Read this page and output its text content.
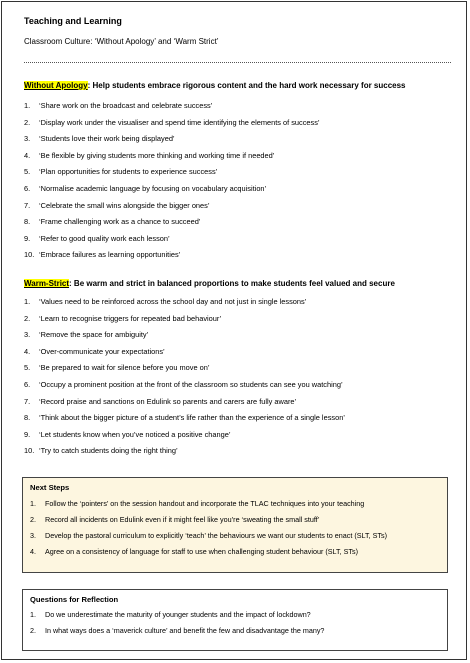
Teaching and Learning
Classroom Culture: ‘Without Apology’ and ‘Warm Strict’
Without Apology: Help students embrace rigorous content and the hard work necessary for success
1. ‘Share work on the broadcast and celebrate success’
2. ‘Display work under the visualiser and spend time identifying the elements of success’
3. ‘Students love their work being displayed’
4. ‘Be flexible by giving students more thinking and working time if needed’
5. ‘Plan opportunities for students to experience success’
6. ‘Normalise academic language by focusing on vocabulary acquisition’
7. ‘Celebrate the small wins alongside the bigger ones’
8. ‘Frame challenging work as a chance to succeed’
9. ‘Refer to good quality work each lesson’
10. ‘Embrace failures as learning opportunities’
Warm-Strict: Be warm and strict in balanced proportions to make students feel valued and secure
1. ‘Values need to be reinforced across the school day and not just in single lessons’
2. ‘Learn to recognise triggers for repeated bad behaviour’
3. ‘Remove the space for ambiguity’
4. ‘Over-communicate your expectations’
5. ‘Be prepared to wait for silence before you move on’
6. ‘Occupy a prominent position at the front of the classroom so students can see you watching’
7. ‘Record praise and sanctions on Edulink so parents and carers are fully aware’
8. ‘Think about the bigger picture of a student’s life rather than the experience of a single lesson’
9. ‘Let students know when you’ve noticed a positive change’
10. ‘Try to catch students doing the right thing’
Next Steps
1. Follow the ‘pointers’ on the session handout and incorporate the TLAC techniques into your teaching
2. Record all incidents on Edulink even if it might feel like you’re ‘sweating the small stuff’
3. Develop the pastoral curriculum to explicitly ‘teach’ the behaviours we want our students to enact (SLT, STs)
4. Agree on a consistency of language for staff to use when challenging student behaviour (SLT, STs)
Questions for Reflection
1. Do we underestimate the maturity of younger students and the impact of lockdown?
2. In what ways does a ‘maverick culture’ and benefit the few and disadvantage the many?
